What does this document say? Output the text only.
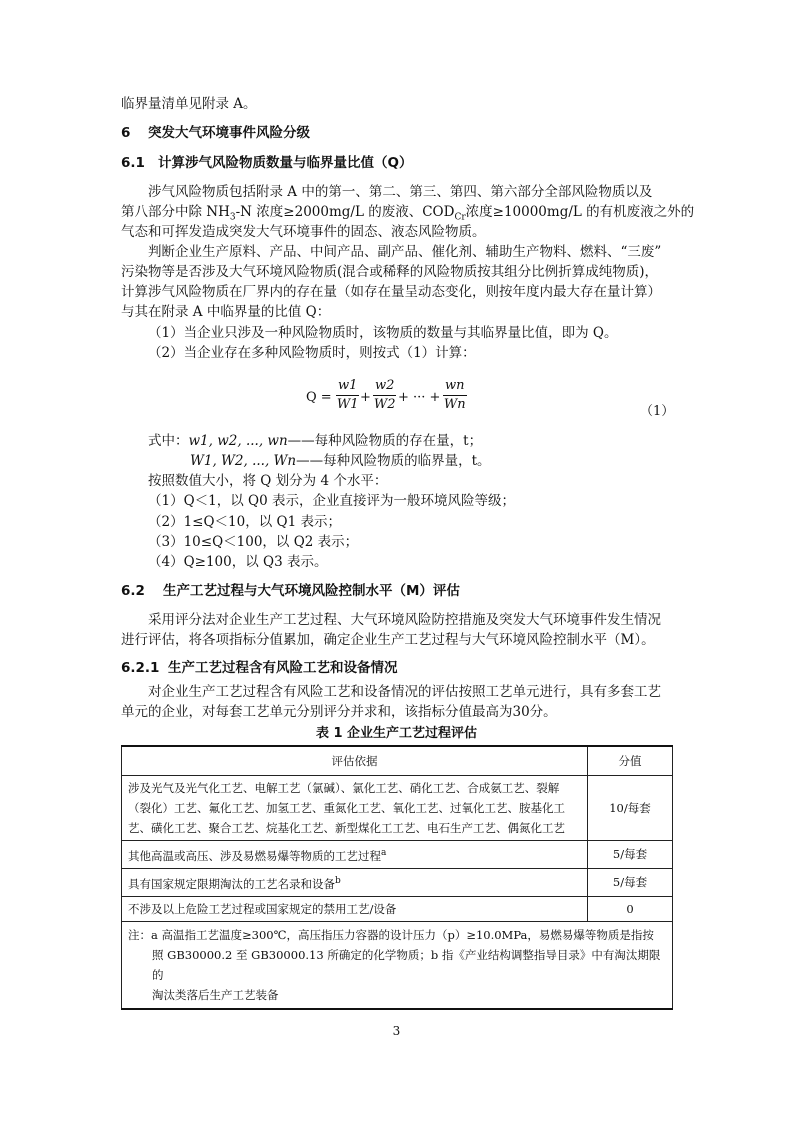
临界量清单见附录 A。
6 突发大气环境事件风险分级
6.1 计算涉气风险物质数量与临界量比值（Q）
涉气风险物质包括附录 A 中的第一、第二、第三、第四、第六部分全部风险物质以及
第八部分中除 $NH_3-N$ 浓度≥2000mg/L 的废液、$COD_{Cr}$浓度≥10000mg/L 的有机废液之外的
气态和可挥发造成突发大气环境事件的固态、液态风险物质。
判断企业生产原料、产品、中间产品、副产品、催化剂、辅助生产物料、燃料、“三废”
污染物等是否涉及大气环境风险物质(混合或稀释的风险物质按其组分比例折算成纯物质)，
计算涉气风险物质在厂界内的存在量（如存在量呈动态变化，则按年度内最大存在量计算）
与其在附录 A 中临界量的比值 Q：
（1）当企业只涉及一种风险物质时，该物质的数量与其临界量比值，即为 Q。
（2）当企业存在多种风险物质时，则按式（1）计算：
$Q = \frac{w1}{W1} + \frac{w2}{W2}$ + ··· + $\frac{wn}{Wn}$	（1）
式中：w1, w2, ..., wn——每种风险物质的存在量，t；
W1, W2, ..., Wn——每种风险物质的临界量，t。
按照数值大小，将 Q 划分为 4 个水平：
（1）Q＜1，以 Q0 表示，企业直接评为一般环境风险等级；
（2）1≤Q＜10，以 Q1 表示；
（3）10≤Q＜100，以 Q2 表示；
（4）Q≥100，以 Q3 表示。
6.2 生产工艺过程与大气环境风险控制水平（M）评估
采用评分法对企业生产工艺过程、大气环境风险防控措施及突发大气环境事件发生情况
进行评估，将各项指标分值累加，确定企业生产工艺过程与大气环境风险控制水平（M）。
6.2.1 生产工艺过程含有风险工艺和设备情况
对企业生产工艺过程含有风险工艺和设备情况的评估按照工艺单元进行，具有多套工艺
单元的企业，对每套工艺单元分别评分并求和，该指标分值最高为30分。
表 1 企业生产工艺过程评估
评估依据	分值

涉及光气及光气化工艺、电解工艺（氯碱）、氯化工艺、硝化工艺、合成氨工艺、裂解
（裂化）工艺、氟化工艺、加氢工艺、重氮化工艺、氧化工艺、过氧化工艺、胺基化工
艺、磺化工艺、聚合工艺、烷基化工艺、新型煤化工工艺、电石生产工艺、偶氮化工艺	10/每套
其他高温或高压、涉及易燃易爆等物质的工艺过程$^a$	5/每套
具有国家规定限期淘汰的工艺名录和设备$^b$	5/每套
不涉及以上危险工艺过程或国家规定的禁用工艺/设备	0

注：a 高温指工艺温度≥300℃，高压指压力容器的设计压力（p）≥10.0MPa，易燃易爆等物质是指按
照 GB30000.2 至 GB30000.13 所确定的化学物质；b 指《产业结构调整指导目录》中有淘汰期限的
淘汰类落后生产工艺装备	
3
